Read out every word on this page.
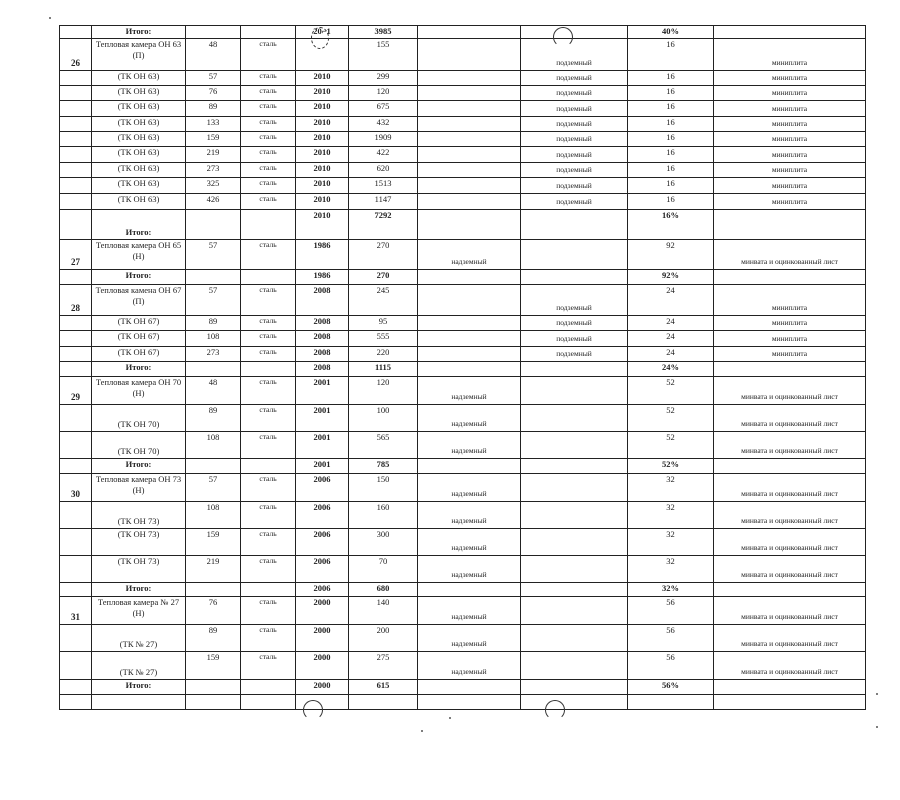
	Итого:			20⌐1	3985			40%	
26	Тепловая камера ОН 63 (П)	48	сталь		155		подземный	16	миниплита
	(ТК ОН 63)	57	сталь	2010	299		подземный	16	миниплита
	(ТК ОН 63)	76	сталь	2010	120		подземный	16	миниплита
	(ТК ОН 63)	89	сталь	2010	675		подземный	16	миниплита
	(ТК ОН 63)	133	сталь	2010	432		подземный	16	миниплита
	(ТК ОН 63)	159	сталь	2010	1909		подземный	16	миниплита
	(ТК ОН 63)	219	сталь	2010	422		подземный	16	миниплита
	(ТК ОН 63)	273	сталь	2010	620		подземный	16	миниплита
	(ТК ОН 63)	325	сталь	2010	1513		подземный	16	миниплита
	(ТК ОН 63)	426	сталь	2010	1147		подземный	16	миниплита
	Итого:			2010	7292			16%	
27	Тепловая камера ОН 65 (Н)	57	сталь	1986	270	надземный		92	минвата и оцинкованный лист
	Итого:			1986	270			92%	
28	Тепловая камена ОН 67 (П)	57	сталь	2008	245		подземный	24	миниплита
	(ТК ОН 67)	89	сталь	2008	95		подземный	24	миниплита
	(ТК ОН 67)	108	сталь	2008	555		подземный	24	миниплита
	(ТК ОН 67)	273	сталь	2008	220		подземный	24	миниплита
	Итого:			2008	1115			24%	
29	Тепловая камера ОН 70 (Н)	48	сталь	2001	120	надземный		52	минвата и оцинкованный лист
	(ТК ОН 70)	89	сталь	2001	100	надземный		52	минвата и оцинкованный лист
	(ТК ОН 70)	108	сталь	2001	565	надземный		52	минвата и оцинкованный лист
	Итого:			2001	785			52%	
30	Тепловая камера ОН 73 (Н)	57	сталь	2006	150	надземный		32	минвата и оцинкованный лист
	(ТК ОН 73)	108	сталь	2006	160	надземный		32	минвата и оцинкованный лист
	(ТК ОН 73)	159	сталь	2006	300	надземный		32	минвата и оцинкованный лист
	(ТК ОН 73)	219	сталь	2006	70	надземный		32	минвата и оцинкованный лист
	Итого:			2006	680			32%	
31	Тепловая камера № 27 (Н)	76	сталь	2000	140	надземный		56	минвата и оцинкованный лист
	(ТК № 27)	89	сталь	2000	200	надземный		56	минвата и оцинкованный лист
	(ТК № 27)	159	сталь	2000	275	надземный		56	минвата и оцинкованный лист
	Итого:			2000	615			56%	
